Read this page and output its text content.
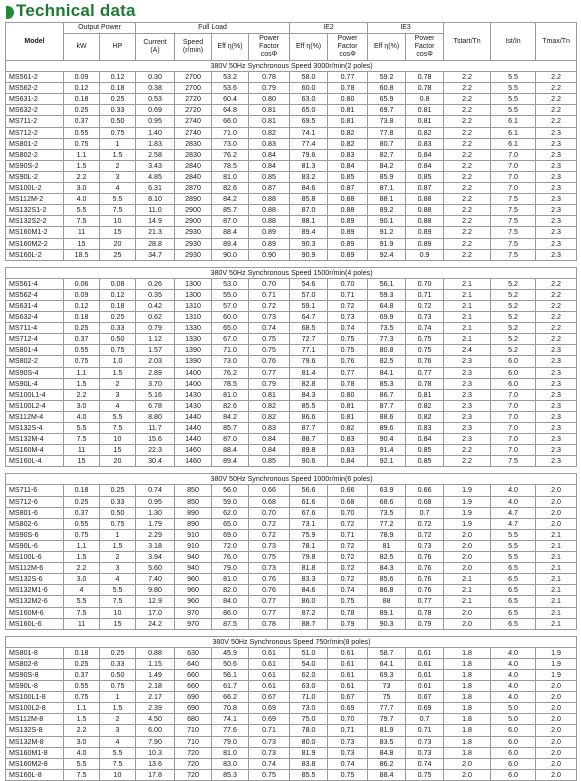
Technical data
Model	Output Power		Full Load				IE2		IE3		Tstart/Tn	Ist/In	Tmax/Tn
	kW	HP	Current (A)	Speed (r/min)	Eff η(%)	Power Factor cosΦ	Eff η(%)	Power Factor cosΦ	Eff η(%)	Power Factor cosΦ			
380V 50Hz Synchronous Speed 3000r/min(2 poles)													
MS561-2	0.09	0.12	0.30	2700	53.2	0.78	58.0	0.77	59.2	0.78	2.2	5.5	2.2
MS562-2	0.12	0.18	0.38	2700	53.6	0.79	60.0	0.78	60.8	0.78	2.2	5.5	2.2
MS631-2	0.18	0.25	0.53	2720	60.4	0.80	63.0	0.80	65.9	0.8	2.2	5.5	2.2
MS632-2	0.25	0.33	0.69	2720	64.8	0.81	65.0	0.81	69.7	0.81	2.2	5.5	2.2
MS711-2	0.37	0.50	0.95	2740	66.0	0.81	69.5	0.81	73.8	0.81	2.2	6.1	2.2
MS712-2	0.55	0.75	1.40	2740	71.0	0.82	74.1	0.82	77.8	0.82	2.2	6.1	2.3
MS801-2	0.75	1	1.83	2830	73.0	0.83	77.4	0.82	80.7	0.83	2.2	6.1	2.3
MS802-2	1.1	1.5	2.58	2830	76.2	0.84	79.6	0.83	82.7	0.84	2.2	7.0	2.3
MS90S-2	1.5	2	3.43	2840	78.5	0.84	81.3	0.84	84.2	0.84	2.2	7.0	2.3
MS90L-2	2.2	3	4.85	2840	81.0	0.85	83.2	0.85	85.9	0.85	2.2	7.0	2.3
MS100L-2	3.0	4	6.31	2870	82.6	0.87	84.6	0.87	87.1	0.87	2.2	7.0	2.3
MS112M-2	4.0	5.5	8.10	2890	84.2	0.88	85.8	0.88	88.1	0.88	2.2	7.5	2.3
MS132S1-2	5.5	7.5	11.0	2900	85.7	0.88	87.0	0.88	89.2	0.88	2.2	7.5	2.3
MS132S2-2	7.5	10	14.9	2900	87.0	0.88	88.1	0.89	90.1	0.88	2.2	7.5	2.3
MS160M1-2	11	15	21.3	2930	88.4	0.89	89.4	0.89	91.2	0.89	2.2	7.5	2.3
MS160M2-2	15	20	28.8	2930	89.4	0.89	90.3	0.89	91.9	0.89	2.2	7.5	2.3
MS160L-2	18.5	25	34.7	2930	90.0	0.90	90.9	0.89	92.4	0.9	2.2	7.5	2.3

380V 50Hz Synchronous Speed 1500r/min(4 poles)													
MS561-4	0.06	0.08	0.26	1300	53.0	0.70	54.6	0.70	56.1	0.70	2.1	5.2	2.2
MS562-4	0.09	0.12	0.35	1300	55.0	0.71	57.0	0.71	59.3	0.71	2.1	5.2	2.2
MS631-4	0.12	0.18	0.42	1310	57.0	0.72	59.1	0.72	64.8	0.72	2.1	5.2	2.2
MS632-4	0.18	0.25	0.62	1310	60.0	0.73	64.7	0.73	69.9	0.73	2.1	5.2	2.2
MS711-4	0.25	0.33	0.79	1330	65.0	0.74	68.5	0.74	73.5	0.74	2.1	5.2	2.2
MS712-4	0.37	0.50	1.12	1330	67.0	0.75	72.7	0.75	77.3	0.75	2.1	5.2	2.2
MS801-4	0.55	0.75	1.57	1390	71.0	0.75	77.1	0.75	80.8	0.75	2.4	5.2	2.3
MS802-2	0.75	1.0	2.03	1390	73.0	0.76	79.6	0.76	82.5	0.76	2.3	6.0	2.3
MS90S-4	1.1	1.5	2.89	1400	76.2	0.77	81.4	0.77	84.1	0.77	2.3	6.0	2.3
MS90L-4	1.5	2	3.70	1400	78.5	0.79	82.8	0.78	85.3	0.78	2.3	6.0	2.3
MS100L1-4	2.2	3	5.16	1430	81.0	0.81	84.3	0.80	86.7	0.81	2.3	7.0	2.3
MS100L2-4	3.0	4	6.78	1430	82.6	0.82	85.5	0.81	87.7	0.82	2.3	7.0	2.3
MS112M-4	4.0	5.5	8.80	1440	84.2	0.82	86.6	0.81	88.6	0.82	2.3	7.0	2.3
MS132S-4	5.5	7.5	11.7	1440	85.7	0.83	87.7	0.82	89.6	0.83	2.3	7.0	2.3
MS132M-4	7.5	10	15.6	1440	87.0	0.84	88.7	0.83	90.4	0.84	2.3	7.0	2.3
MS160M-4	11	15	22.3	1460	88.4	0.84	89.8	0.83	91.4	0.85	2.2	7.0	2.3
MS160L-4	15	20	30.4	1460	89.4	0.85	90.6	0.84	92.1	0.85	2.2	7.5	2.3

380V 50Hz Synchronous Speed 1000r/min(6 poles)													
MS711-6	0.18	0.25	0.74	850	56.0	0.66	56.6	0.66	63.9	0.66	1.9	4.0	2.0
MS712-6	0.25	0.33	0.95	850	59.0	0.68	61.6	0.68	68.6	0.68	1.9	4.0	2.0
MS801-6	0.37	0.50	1.30	890	62.0	0.70	67.6	0.70	73.5	0.7	1.9	4.7	2.0
MS802-6	0.55	0.75	1.79	890	65.0	0.72	73.1	0.72	77.2	0.72	1.9	4.7	2.0
MS90S-6	0.75	1	2.29	910	69.0	0.72	75.9	0.71	78.9	0.72	2.0	5.5	2.1
MS90L-6	1.1	1.5	3.18	910	72.0	0.73	78.1	0.72	81	0.73	2.0	5.5	2.1
MS100L-6	1.5	2	3.94	940	76.0	0.75	79.8	0.72	82.5	0.76	2.0	5.5	2.1
MS112M-6	2.2	3	5.60	940	79.0	0.73	81.8	0.72	84.3	0.76	2.0	6.5	2.1
MS132S-6	3.0	4	7.40	960	81.0	0.76	83.3	0.72	85.6	0.76	2.1	6.5	2.1
MS132M1-6	4	5.5	9.80	960	82.0	0.76	84.6	0.74	86.8	0.76	2.1	6.5	2.1
MS132M2-6	5.5	7.5	12.9	960	84.0	0.77	86.0	0.75	88	0.77	2.1	6.5	2.1
MS160M-6	7.5	10	17.0	970	86.0	0.77	87.2	0.78	89.1	0.78	2.0	6.5	2.1
MS160L-6	11	15	24.2	970	87.5	0.78	88.7	0.79	90.3	0.79	2.0	6.5	2.1

380V 50Hz Synchronous Speed 750r/min(8 poles)													
MS801-8	0.18	0.25	0.88	630	45.9	0.61	51.0	0.61	58.7	0.61	1.8	4.0	1.9
MS802-8	0.25	0.33	1.15	640	50.6	0.61	54.0	0.61	64.1	0.61	1.8	4.0	1.9
MS90S-8	0.37	0.50	1.49	660	56.1	0.61	62.0	0.61	69.3	0.61	1.8	4.0	1.9
MS90L-8	0.55	0.75	2.18	660	61.7	0.61	63.0	0.61	73	0.61	1.8	4.0	2.0
MS100L1-8	0.75	1	2.17	690	66.2	0.67	71.0	0.67	75	0.67	1.8	4.0	2.0
MS100L2-8	1.1	1.5	2.39	690	70.8	0.69	73.0	0.69	77.7	0.69	1.8	5.0	2.0
MS112M-8	1.5	2	4.50	680	74.1	0.69	75.0	0.70	79.7	0.7	1.8	5.0	2.0
MS132S-8	2.2	3	6.00	710	77.6	0.71	78.0	0.71	81.9	0.71	1.8	6.0	2.0
MS132M-8	3.0	4	7.90	710	79.0	0.73	80.0	0.73	83.5	0.73	1.8	6.0	2.0
MS160M1-8	4.0	5.5	10.3	720	81.0	0.73	81.9	0.73	84.8	0.73	1.8	6.0	2.0
MS160M2-8	5.5	7.5	13.6	720	83.0	0.74	83.8	0.74	86.2	0.74	2.0	6.0	2.0
MS160L-8	7.5	10	17.8	720	85.3	0.75	85.5	0.75	88.4	0.75	2.0	6.0	2.0
